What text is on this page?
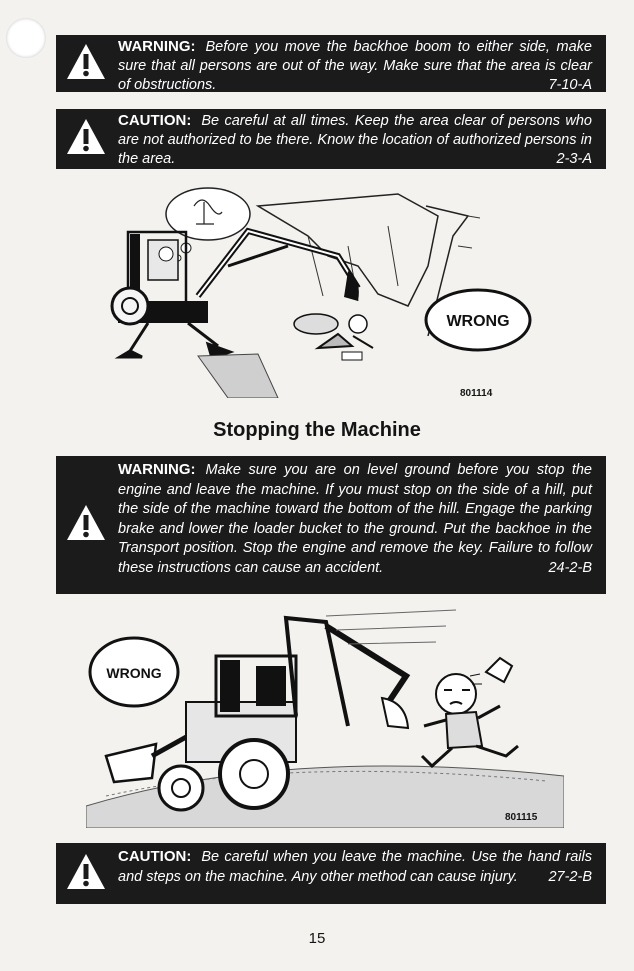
WARNING: Before you move the backhoe boom to either side, make sure that all persons are out of the way. Make sure that the area is clear of obstructions.	7-10-A
CAUTION: Be careful at all times. Keep the area clear of persons who are not authorized to be there. Know the location of authorized persons in the area.	2-3-A
WRONG
801114
Stopping the Machine
WARNING: Make sure you are on level ground before you stop the engine and leave the machine. If you must stop on the side of a hill, put the side of the machine toward the bottom of the hill. Engage the parking brake and lower the loader bucket to the ground. Put the backhoe in the Transport position. Stop the engine and remove the key. Failure to follow these instructions can cause an accident.	24-2-B
WRONG
801115
CAUTION: Be careful when you leave the machine. Use the hand rails and steps on the machine. Any other method can cause injury.	27-2-B
15
